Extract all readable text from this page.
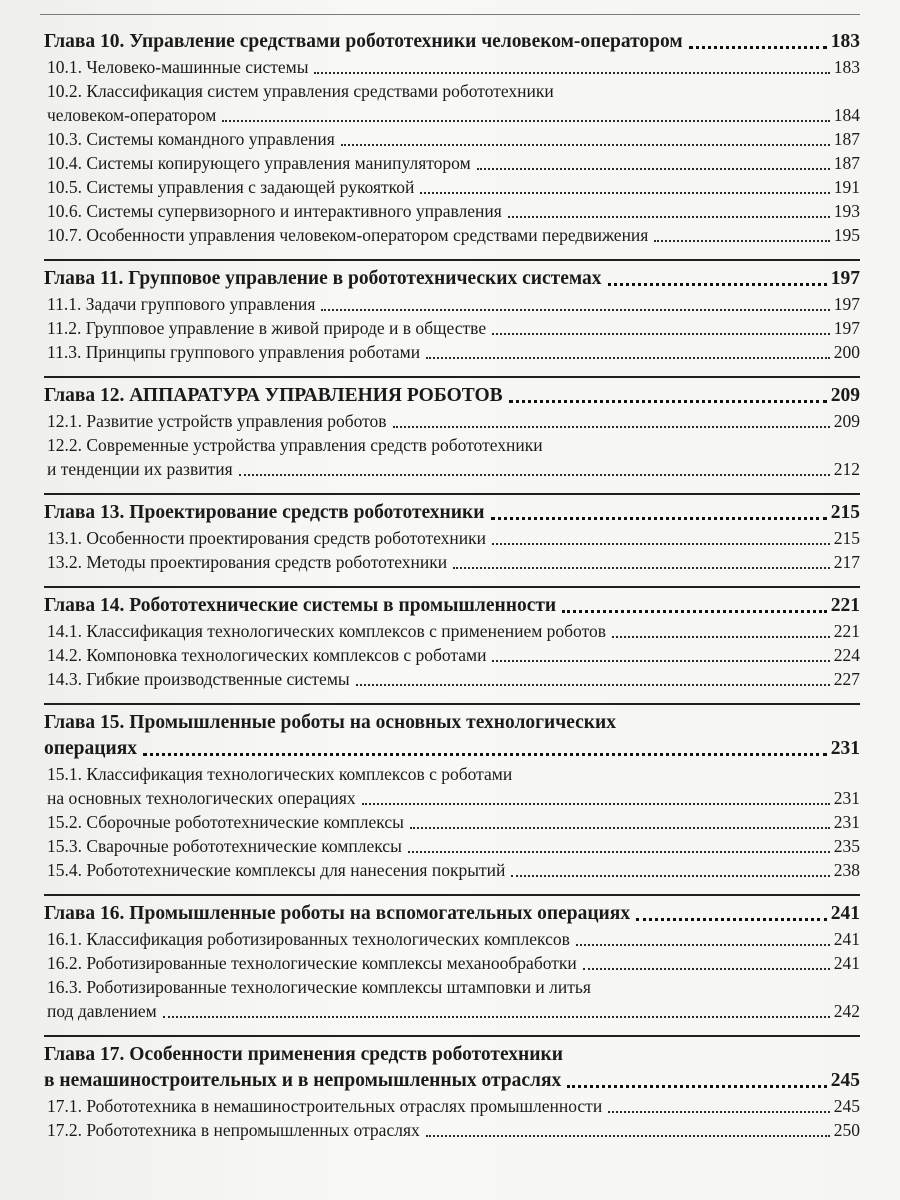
Глава 10. Управление средствами робототехники человеком-оператором	183
10.1. Человеко-машинные системы	183
10.2. Классификация систем управления средствами робототехники
человеком-оператором	184
10.3. Системы командного управления	187
10.4. Системы копирующего управления манипулятором	187
10.5. Системы управления с задающей рукояткой	191
10.6. Системы супервизорного и интерактивного управления	193
10.7. Особенности управления человеком-оператором средствами передвижения	195
Глава 11. Групповое управление в робототехнических системах	197
11.1. Задачи группового управления	197
11.2. Групповое управление в живой природе и в обществе	197
11.3. Принципы группового управления роботами	200
Глава 12. АППАРАТУРА УПРАВЛЕНИЯ РОБОТОВ	209
12.1. Развитие устройств управления роботов	209
12.2. Современные устройства управления средств робототехники
и тенденции их развития	212
Глава 13. Проектирование средств робототехники	215
13.1. Особенности проектирования средств робототехники	215
13.2. Методы проектирования средств робототехники	217
Глава 14. Робототехнические системы в промышленности	221
14.1. Классификация технологических комплексов с применением роботов	221
14.2. Компоновка технологических комплексов с роботами	224
14.3. Гибкие производственные системы	227
Глава 15. Промышленные роботы на основных технологических
операциях	231
15.1. Классификация технологических комплексов с роботами
на основных технологических операциях	231
15.2. Сборочные робототехнические комплексы	231
15.3. Сварочные робототехнические комплексы	235
15.4. Робототехнические комплексы для нанесения покрытий	238
Глава 16. Промышленные роботы на вспомогательных операциях	241
16.1. Классификация роботизированных технологических комплексов	241
16.2. Роботизированные технологические комплексы механообработки	241
16.3. Роботизированные технологические комплексы штамповки и литья
под давлением	242
Глава 17. Особенности применения средств робототехники
в немашиностроительных и в непромышленных отраслях	245
17.1. Робототехника в немашиностроительных отраслях промышленности	245
17.2. Робототехника в непромышленных отраслях	250
